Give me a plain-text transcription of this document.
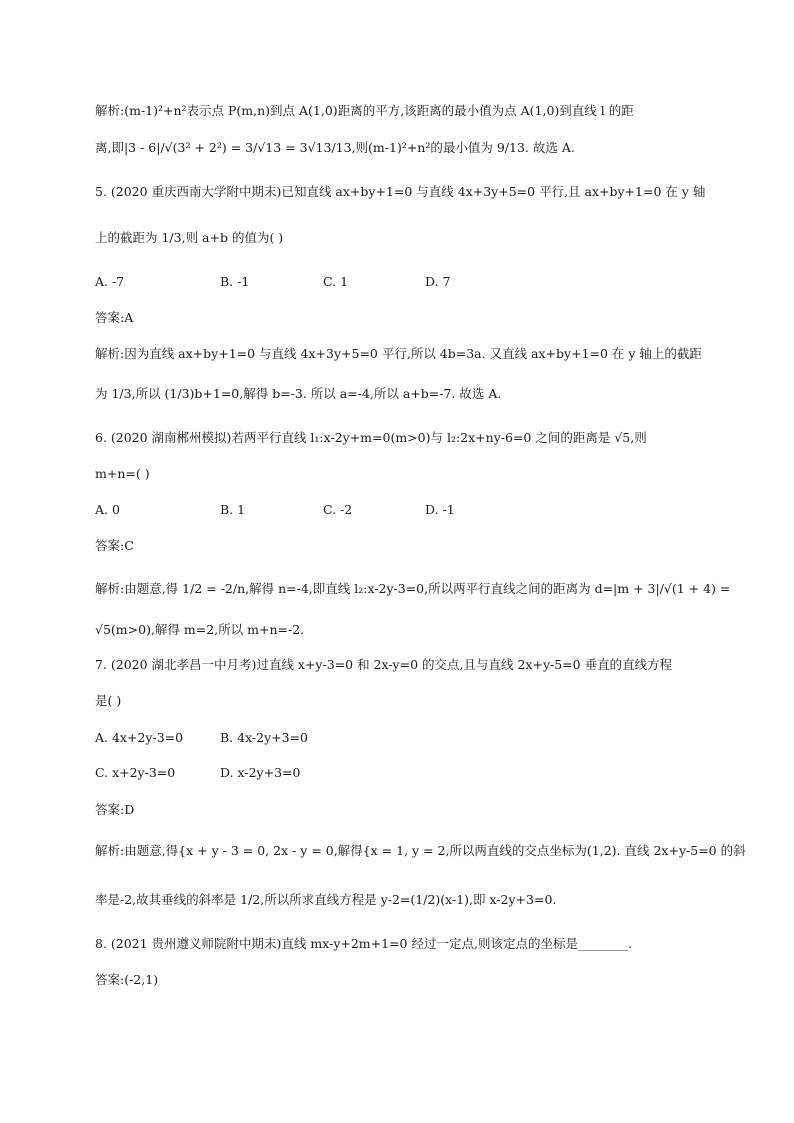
解析:(m-1)²+n²表示点 P(m,n)到点 A(1,0)距离的平方,该距离的最小值为点 A(1,0)到直线 l 的距
离,即|3 - 6|/√(3² + 2²) = 3/√13 = 3√13/13,则(m-1)²+n²的最小值为 9/13. 故选 A.
5. (2020 重庆西南大学附中期末)已知直线 ax+by+1=0 与直线 4x+3y+5=0 平行,且 ax+by+1=0 在 y 轴
上的截距为 1/3,则 a+b 的值为( )
答案:A
解析:因为直线 ax+by+1=0 与直线 4x+3y+5=0 平行,所以 4b=3a. 又直线 ax+by+1=0 在 y 轴上的截距
为 1/3,所以 (1/3)b+1=0,解得 b=-3. 所以 a=-4,所以 a+b=-7. 故选 A.
6. (2020 湖南郴州模拟)若两平行直线 l₁:x-2y+m=0(m>0)与 l₂:2x+ny-6=0 之间的距离是 √5,则
m+n=( )
答案:C
解析:由题意,得 1/2 = -2/n,解得 n=-4,即直线 l₂:x-2y-3=0,所以两平行直线之间的距离为 d=|m + 3|/√(1 + 4) =
√5(m>0),解得 m=2,所以 m+n=-2.
7. (2020 湖北孝昌一中月考)过直线 x+y-3=0 和 2x-y=0 的交点,且与直线 2x+y-5=0 垂直的直线方程
是( )
答案:D
解析:由题意,得{x + y - 3 = 0, 2x - y = 0,解得{x = 1, y = 2,所以两直线的交点坐标为(1,2). 直线 2x+y-5=0 的斜
率是-2,故其垂线的斜率是 1/2,所以所求直线方程是 y-2=(1/2)(x-1),即 x-2y+3=0.
8. (2021 贵州遵义师院附中期末)直线 mx-y+2m+1=0 经过一定点,则该定点的坐标是________.
答案:(-2,1)
A. -7	B. -1	C. 1	D. 7
A. 0	B. 1	C. -2	D. -1
A. 4x+2y-3=0	B. 4x-2y+3=0
C. x+2y-3=0	D. x-2y+3=0
